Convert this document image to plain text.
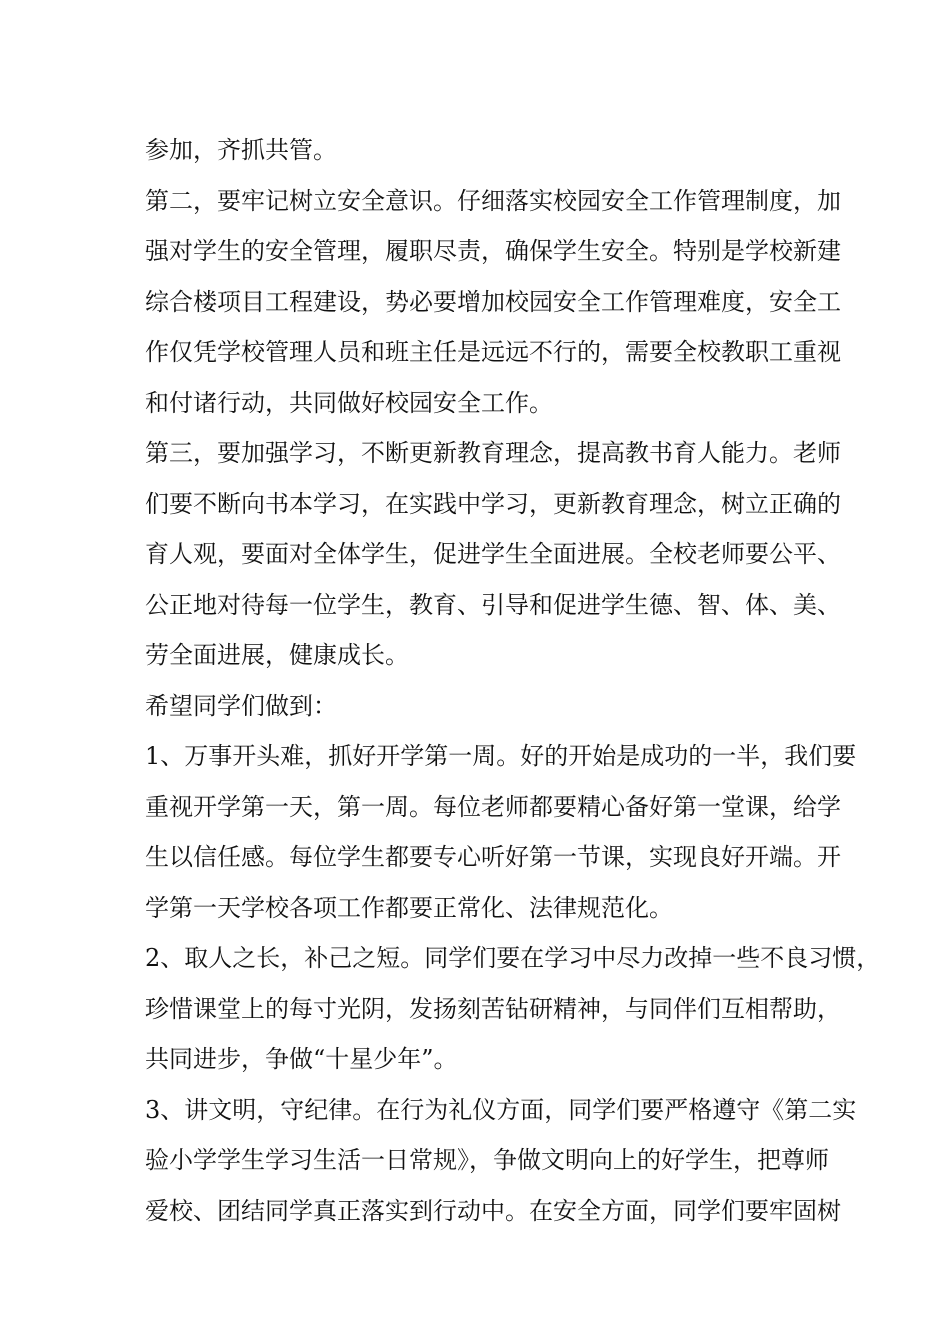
参加，齐抓共管。
第二，要牢记树立安全意识。仔细落实校园安全工作管理制度，加
强对学生的安全管理，履职尽责，确保学生安全。特别是学校新建
综合楼项目工程建设，势必要增加校园安全工作管理难度，安全工
作仅凭学校管理人员和班主任是远远不行的，需要全校教职工重视
和付诸行动，共同做好校园安全工作。
第三，要加强学习，不断更新教育理念，提高教书育人能力。老师
们要不断向书本学习，在实践中学习，更新教育理念，树立正确的
育人观，要面对全体学生，促进学生全面进展。全校老师要公平、
公正地对待每一位学生，教育、引导和促进学生德、智、体、美、
劳全面进展，健康成长。
希望同学们做到：
1、万事开头难，抓好开学第一周。好的开始是成功的一半，我们要
重视开学第一天，第一周。每位老师都要精心备好第一堂课，给学
生以信任感。每位学生都要专心听好第一节课，实现良好开端。开
学第一天学校各项工作都要正常化、法律规范化。
2、取人之长，补己之短。同学们要在学习中尽力改掉一些不良习惯，
珍惜课堂上的每寸光阴，发扬刻苦钻研精神，与同伴们互相帮助，
共同进步，争做“十星少年”。
3、讲文明，守纪律。在行为礼仪方面，同学们要严格遵守《第二实
验小学学生学习生活一日常规》，争做文明向上的好学生，把尊师
爱校、团结同学真正落实到行动中。在安全方面，同学们要牢固树
